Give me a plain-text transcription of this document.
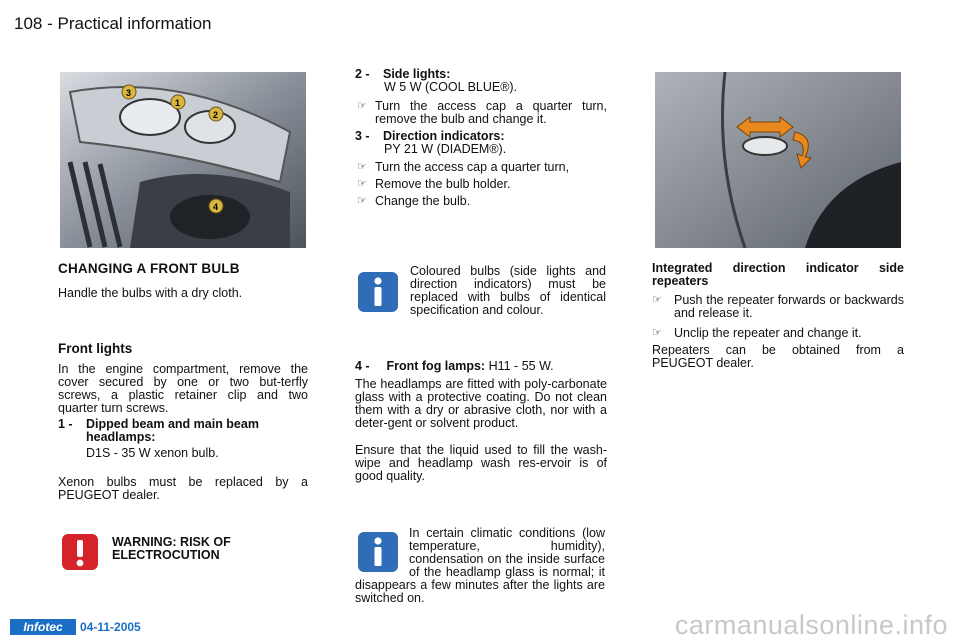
108 - Practical information
3
1
2
4
CHANGING A FRONT BULB
Handle the bulbs with a dry cloth.
Front lights
In the engine compartment, remove the cover secured by one or two but-terfly screws, a plastic retainer clip and two quarter turn screws.
1 -	Dipped beam and main beam headlamps:
D1S - 35 W xenon bulb.
Xenon bulbs must be replaced by a PEUGEOT dealer.
WARNING: RISK OF ELECTROCUTION
2 -	Side lights:
W 5 W (COOL BLUE®).
☞ Turn the access cap a quarter turn, remove the bulb and change it.
3 -	Direction indicators:
PY 21 W (DIADEM®).
☞ Turn the access cap a quarter turn,
☞ Remove the bulb holder.
☞ Change the bulb.
Coloured bulbs (side lights and direction indicators) must be replaced with bulbs of identical specification and colour.
4 - Front fog lamps: H11 - 55 W.
The headlamps are fitted with poly-carbonate glass with a protective coating. Do not clean them with a dry or abrasive cloth, nor with a deter-gent or solvent product.
Ensure that the liquid used to fill the wash-wipe and headlamp wash res-ervoir is of good quality.
In certain climatic conditions (low temperature, humidity), condensation on the inside surface of the headlamp glass is normal; it disappears a few minutes after the lights are switched on.
Integrated direction indicator side repeaters
☞ Push the repeater forwards or backwards and release it.
☞ Unclip the repeater and change it.
Repeaters can be obtained from a PEUGEOT dealer.
Infotec	04-11-2005	carmanualsonline.info
